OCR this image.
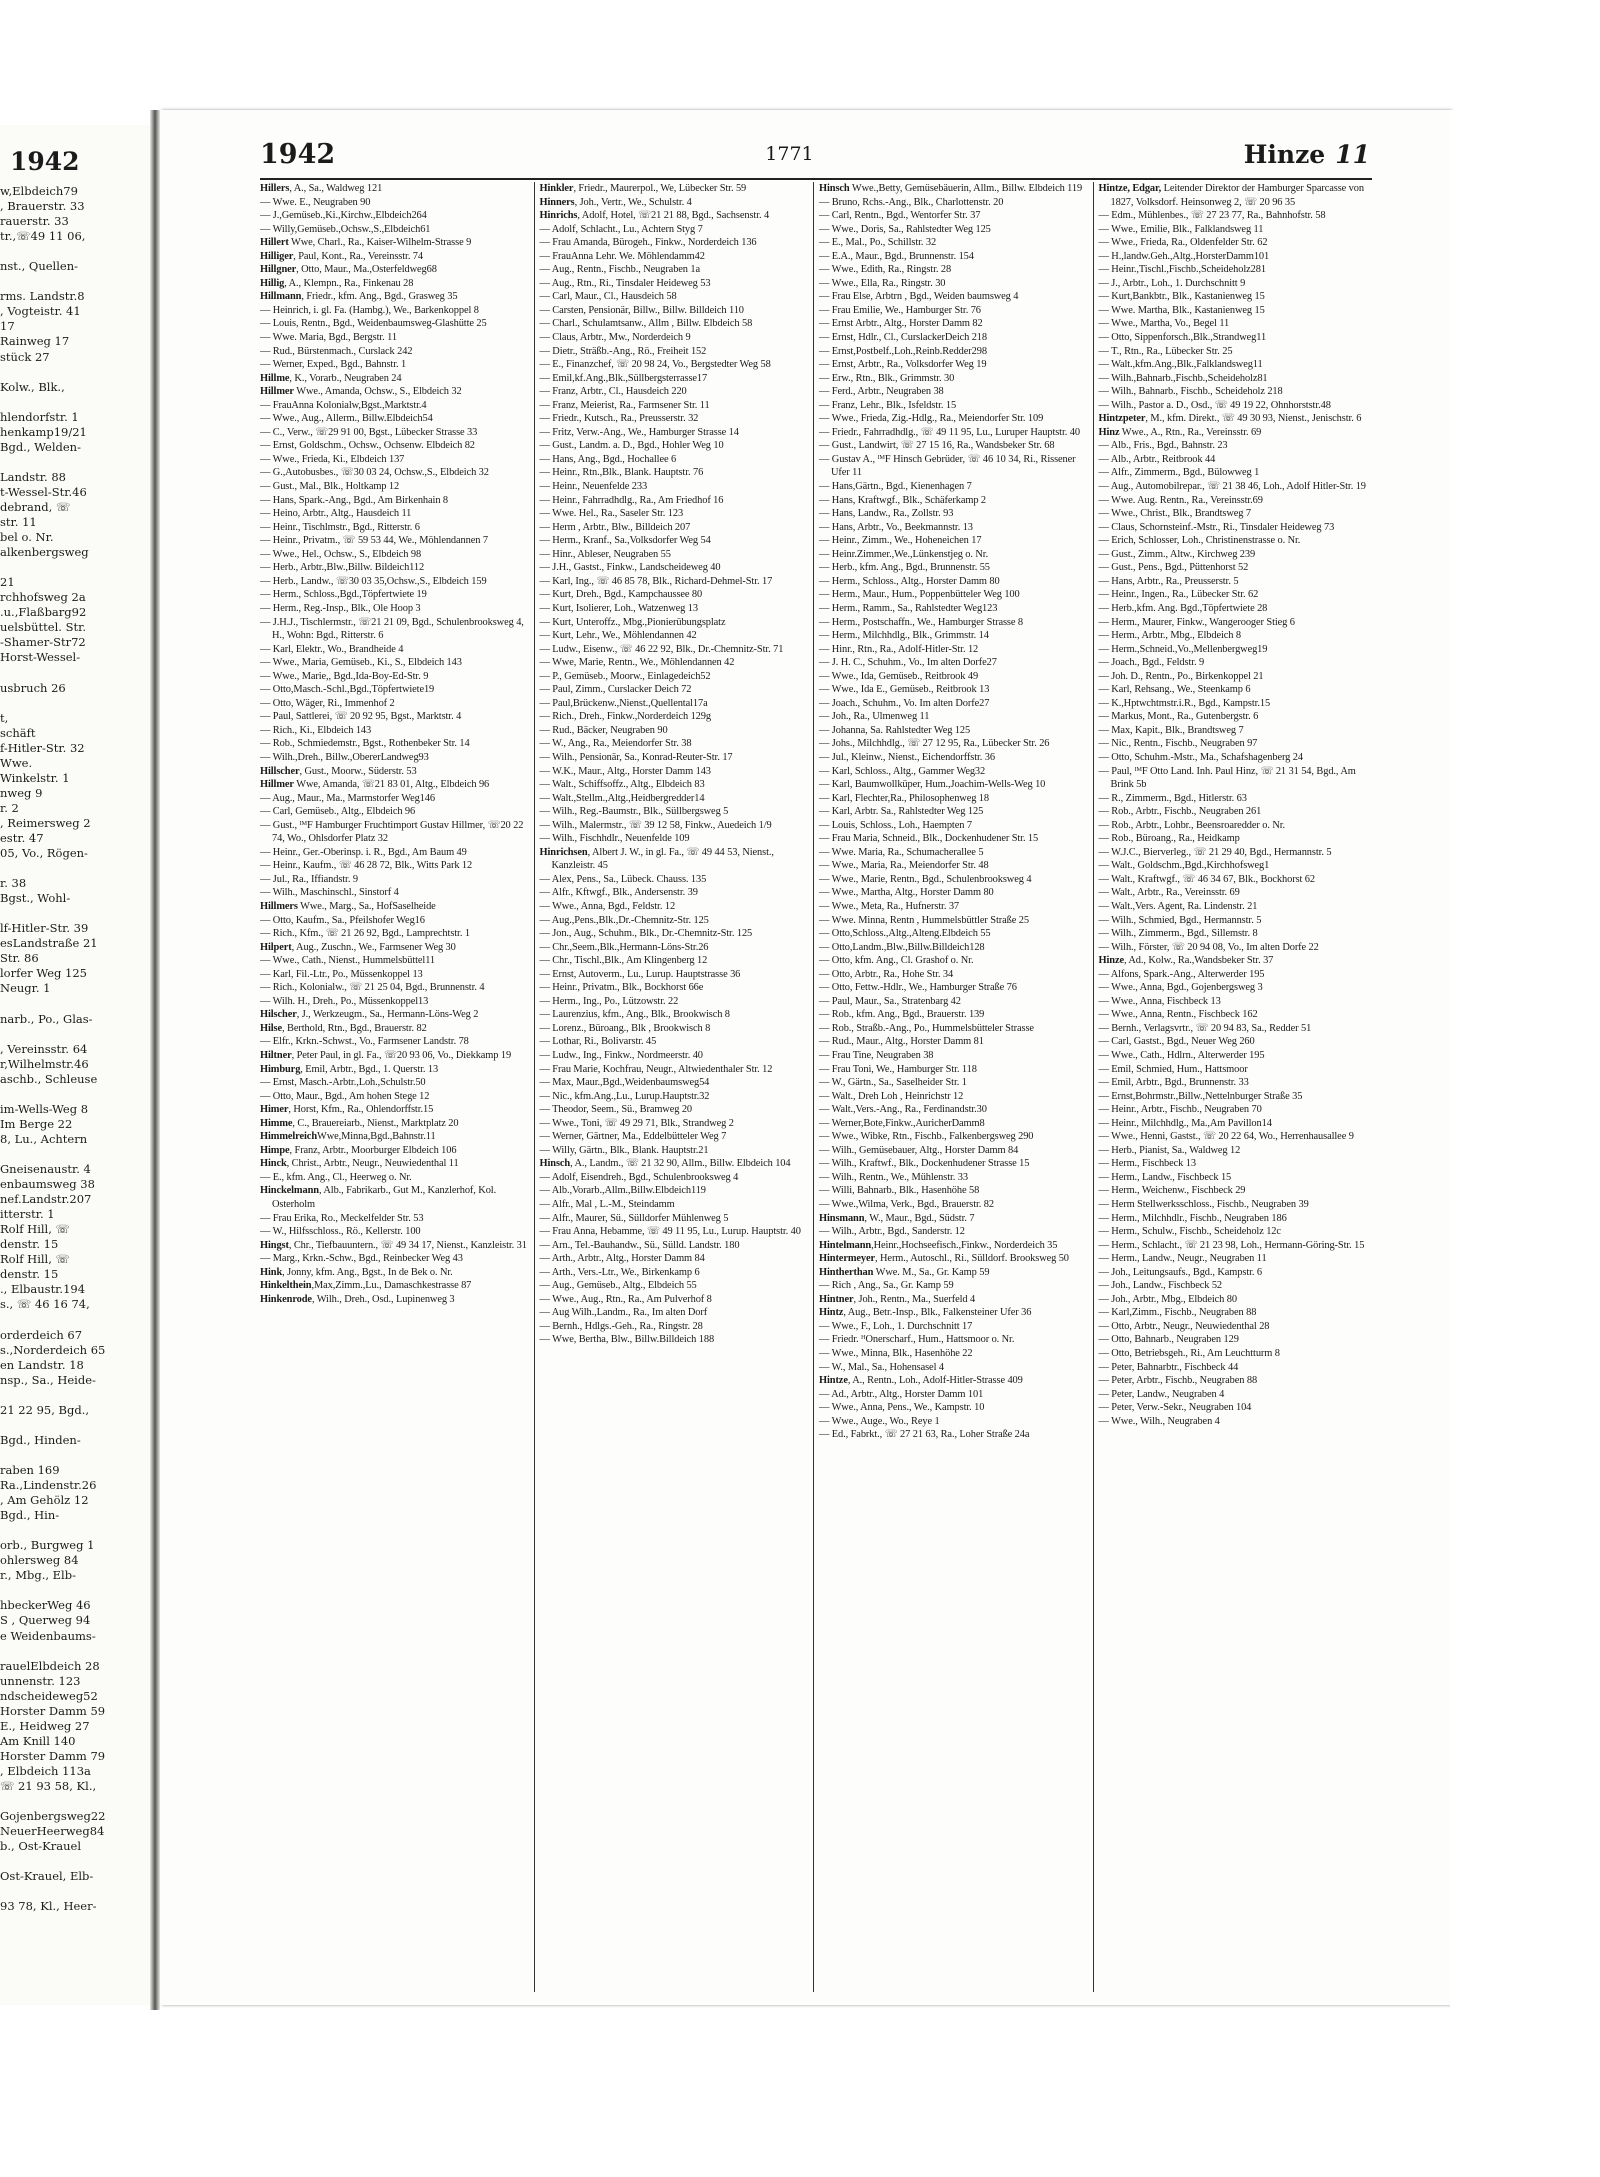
1942
w,Elbdeich79
, Brauerstr. 33
rauerstr. 33
tr.,☏49 11 06,

nst., Quellen-

rms. Landstr.8
, Vogteistr. 41
17
Rainweg 17
stück 27

Kolw., Blk.,

hlendorfstr. 1
henkamp19/21
Bgd., Welden-

Landstr. 88
t-Wessel-Str.46
debrand, ☏
str. 11
bel o. Nr.
alkenbergsweg

21
rchhofsweg 2a
.u.,Flaßbarg92
uelsbüttel. Str.
-Shamer-Str72
Horst-Wessel-

usbruch 26

t,
schäft
f-Hitler-Str. 32
Wwe.
Winkelstr. 1
nweg 9
r. 2
, Reimersweg 2
estr. 47
05, Vo., Rögen-

r. 38
Bgst., Wohl-

lf-Hitler-Str. 39
esLandstraße 21
Str. 86
lorfer Weg 125
Neugr. 1

narb., Po., Glas-

, Vereinsstr. 64
r,Wilhelmstr.46
aschb., Schleuse

im-Wells-Weg 8
Im Berge 22
8, Lu., Achtern

Gneisenaustr. 4
enbaumsweg 38
nef.Landstr.207
itterstr. 1
Rolf Hill, ☏
denstr. 15
Rolf Hill, ☏
denstr. 15
., Elbaustr.194
s., ☏ 46 16 74,

orderdeich 67
s.,Norderdeich 65
en Landstr. 18
nsp., Sa., Heide-

21 22 95, Bgd.,

Bgd., Hinden-

raben 169
Ra.,Lindenstr.26
, Am Gehölz 12
Bgd., Hin-

orb., Burgweg 1
ohlersweg 84
r., Mbg., Elb-

hbeckerWeg 46
S , Querweg 94
e Weidenbaums-

rauelElbdeich 28
unnenstr. 123
ndscheideweg52
Horster Damm 59
E., Heidweg 27
Am Knill 140
Horster Damm 79
, Elbdeich 113a
☏ 21 93 58, Kl.,

Gojenbergsweg22
NeuerHeerweg84
b., Ost-Krauel

Ost-Krauel, Elb-

93 78, Kl., Heer-
1942	1771	Hinze 11

Hillers, A., Sa., Waldweg 121

— Wwe. E., Neugraben 90

— J.,Gemüseb.,Ki.,Kirchw.,Elbdeich264

— Willy,Gemüseb.,Ochsw.,S.,Elbdeich61

Hillert Wwe, Charl., Ra., Kaiser-Wilhelm-Strasse 9

Hilliger, Paul, Kont., Ra., Vereinsstr. 74

Hillgner, Otto, Maur., Ma.,Osterfeldweg68

Hillig, A., Klempn., Ra., Finkenau 28

Hillmann, Friedr., kfm. Ang., Bgd., Grasweg 35

— Heinrich, i. gl. Fa. (Hambg.), We., Barkenkoppel 8

— Louis, Rentn., Bgd., Weidenbaumsweg-Glashütte 25

— Wwe. Maria, Bgd., Bergstr. 11

— Rud., Bürstenmach., Curslack 242

— Werner, Exped., Bgd., Bahnstr. 1

Hillme, K., Vorarb., Neugraben 24

Hillmer Wwe., Amanda, Ochsw., S., Elbdeich 32

— FrauAnna Kolonialw,Bgst.,Marktstr.4

— Wwe., Aug., Allerm., Billw.Elbdeich54

— C., Verw., ☏29 91 00, Bgst., Lübecker Strasse 33

— Ernst, Goldschm., Ochsw., Ochsenw. Elbdeich 82

— Wwe., Frieda, Ki., Elbdeich 137

— G.,Autobusbes., ☏30 03 24, Ochsw.,S., Elbdeich 32

— Gust., Mal., Blk., Holtkamp 12

— Hans, Spark.-Ang., Bgd., Am Birkenhain 8

— Heino, Arbtr., Altg., Hausdeich 11

— Heinr., Tischlmstr., Bgd., Ritterstr. 6

— Heinr., Privatm., ☏ 59 53 44, We., Möhlendannen 7

— Wwe., Hel., Ochsw., S., Elbdeich 98

— Herb., Arbtr.,Blw.,Billw. Bildeich112

— Herb., Landw., ☏30 03 35,Ochsw.,S., Elbdeich 159

— Herm., Schloss.,Bgd.,Töpfertwiete 19

— Herm., Reg.-Insp., Blk., Ole Hoop 3

— J.H.J., Tischlermstr., ☏21 21 09, Bgd., Schulenbrooksweg 4, H., Wohn: Bgd., Ritterstr. 6

— Karl, Elektr., Wo., Brandheide 4

— Wwe., Maria, Gemüseb., Ki., S., Elbdeich 143

— Wwe., Marie,, Bgd.,Ida-Boy-Ed-Str. 9

— Otto,Masch.-Schl.,Bgd.,Töpfertwiete19

— Otto, Wäger, Ri., Immenhof 2

— Paul, Sattlerei, ☏ 20 92 95, Bgst., Marktstr. 4

— Rich., Ki., Elbdeich 143

— Rob., Schmiedemstr., Bgst., Rothenbeker Str. 14

— Wilh.,Dreh., Billw.,ObererLandweg93

Hillscher, Gust., Moorw., Süderstr. 53

Hillmer Wwe, Amanda, ☏21 83 01, Altg., Elbdeich 96

— Aug., Maur., Ma., Marmstorfer Weg146

— Carl, Gemüseb., Altg., Elbdeich 96

— Gust., ᴵᴹF Hamburger Fruchtimport Gustav Hillmer, ☏20 22 74, Wo., Ohlsdorfer Platz 32

— Heinr., Ger.-Oberinsp. i. R., Bgd., Am Baum 49

— Heinr., Kaufm., ☏ 46 28 72, Blk., Witts Park 12

— Jul., Ra., Iffiandstr. 9

— Wilh., Maschinschl., Sinstorf 4

Hillmers Wwe., Marg., Sa., HofSaselheide

— Otto, Kaufm., Sa., Pfeilshofer Weg16

— Rich., Kfm., ☏ 21 26 92, Bgd., Lamprechtstr. 1

Hilpert, Aug., Zuschn., We., Farmsener Weg 30

— Wwe., Cath., Nienst., Hummelsbüttel11

— Karl, Fil.-Ltr., Po., Müssenkoppel 13

— Rich., Kolonialw., ☏ 21 25 04, Bgd., Brunnenstr. 4

— Wilh. H., Dreh., Po., Müssenkoppel13

Hilscher, J., Werkzeugm., Sa., Hermann-Löns-Weg 2

Hilse, Berthold, Rtn., Bgd., Brauerstr. 82

— Elfr., Krkn.-Schwst., Vo., Farmsener Landstr. 78

Hiltner, Peter Paul, in gl. Fa., ☏20 93 06, Vo., Diekkamp 19

Himburg, Emil, Arbtr., Bgd., 1. Querstr. 13

— Ernst, Masch.-Arbtr.,Loh.,Schulstr.50

— Otto, Maur., Bgd., Am hohen Stege 12

Himer, Horst, Kfm., Ra., Ohlendorffstr.15

Himme, C., Brauereiarb., Nienst., Marktplatz 20

HimmelreichWwe,Minna,Bgd.,Bahnstr.11

Himpe, Franz, Arbtr., Moorburger Elbdeich 106

Hinck, Christ., Arbtr., Neugr., Neuwiedenthal 11

— E., kfm. Ang., Cl., Heerweg o. Nr.

Hinckelmann, Alb., Fabrikarb., Gut M., Kanzlerhof, Kol. Osterholm

— Frau Erika, Ro., Meckelfelder Str. 53

— W., Hilfsschloss., Rö., Kellerstr. 100

Hingst, Chr., Tiefbauuntern., ☏ 49 34 17, Nienst., Kanzleistr. 31

— Marg., Krkn.-Schw., Bgd., Reinbecker Weg 43

Hink, Jonny, kfm. Ang., Bgst., In de Bek o. Nr.

Hinkelthein,Max,Zimm.,Lu., Damaschkestrasse 87

Hinkenrode, Wilh., Dreh., Osd., Lupinenweg 3

Hinkler, Friedr., Maurerpol., We, Lübecker Str. 59

Hinners, Joh., Vertr., We., Schulstr. 4

Hinrichs, Adolf, Hotel, ☏21 21 88, Bgd., Sachsenstr. 4

— Adolf, Schlacht., Lu., Achtern Styg 7

— Frau Amanda, Bürogeh., Finkw., Norderdeich 136

— FrauAnna Lehr. We. Möhlendamm42

— Aug., Rentn., Fischb., Neugraben 1a

— Aug., Rtn., Ri., Tinsdaler Heideweg 53

— Carl, Maur., Cl., Hausdeich 58

— Carsten, Pensionär, Billw., Billw. Billdeich 110

— Charl., Schulamtsanw., Allm , Billw. Elbdeich 58

— Claus, Arbtr., Mw., Norderdeich 9

— Dietr., Sträßb.-Ang., Rö., Freiheit 152

— E., Finanzchef, ☏ 20 98 24, Vo., Bergstedter Weg 58

— Emil,kf.Ang.,Blk.,Süllbergsterrasse17

— Franz, Arbtr., Cl., Hausdeich 220

— Franz, Meierist, Ra., Farmsener Str. 11

— Friedr., Kutsch., Ra., Preusserstr. 32

— Fritz, Verw.-Ang., We., Hamburger Strasse 14

— Gust., Landm. a. D., Bgd., Hohler Weg 10

— Hans, Ang., Bgd., Hochallee 6

— Heinr., Rtn.,Blk., Blank. Hauptstr. 76

— Heinr., Neuenfelde 233

— Heinr., Fahrradhdlg., Ra., Am Friedhof 16

— Wwe. Hel., Ra., Saseler Str. 123

— Herm , Arbtr., Blw., Billdeich 207

— Herm., Kranf., Sa.,Volksdorfer Weg 54

— Hinr., Ableser, Neugraben 55

— J.H., Gastst., Finkw., Landscheideweg 40

— Karl, Ing., ☏ 46 85 78, Blk., Richard-Dehmel-Str. 17

— Kurt, Dreh., Bgd., Kampchaussee 80

— Kurt, Isolierer, Loh., Watzenweg 13

— Kurt, Unteroffz., Mbg.,Pionierübungsplatz

— Kurt, Lehr., We., Möhlendannen 42

— Ludw., Eisenw., ☏ 46 22 92, Blk., Dr.-Chemnitz-Str. 71

— Wwe, Marie, Rentn., We., Möhlendannen 42

— P., Gemüseb., Moorw., Einlagedeich52

— Paul, Zimm., Curslacker Deich 72

— Paul,Brückenw.,Nienst.,Quellental17a

— Rich., Dreh., Finkw.,Norderdeich 129g

— Rud., Bäcker, Neugraben 90

— W., Ang., Ra., Meiendorfer Str. 38

— Wilh., Pensionär, Sa., Konrad-Reuter-Str. 17

— W.K., Maur., Altg., Horster Damm 143

— Walt., Schiffsoffz., Altg., Elbdeich 83

— Walt.,Stellm.,Altg.,Heidbergredder14

— Wilh., Reg.-Baumstr., Blk., Süllbergsweg 5

— Wilh., Malermstr., ☏ 39 12 58, Finkw., Auedeich 1/9

— Wilh., Fischhdlr., Neuenfelde 109

Hinrichsen, Albert J. W., in gl. Fa., ☏ 49 44 53, Nienst., Kanzleistr. 45

— Alex, Pens., Sa., Lübeck. Chauss. 135

— Alfr., Kftwgf., Blk., Andersenstr. 39

— Wwe., Anna, Bgd., Feldstr. 12

— Aug.,Pens.,Blk.,Dr.-Chemnitz-Str. 125

— Jon., Aug., Schuhm., Blk., Dr.-Chemnitz-Str. 125

— Chr.,Seem.,Blk.,Hermann-Löns-Str.26

— Chr., Tischl.,Blk., Am Klingenberg 12

— Ernst, Autoverm., Lu., Lurup. Hauptstrasse 36

— Heinr., Privatm., Blk., Bockhorst 66e

— Herm., Ing., Po., Lützowstr. 22

— Laurenzius, kfm., Ang., Blk., Brookwisch 8

— Lorenz., Büroang., Blk , Brookwisch 8

— Lothar, Ri., Bolivarstr. 45

— Ludw., Ing., Finkw., Nordmeerstr. 40

— Frau Marie, Kochfrau, Neugr., Altwiedenthaler Str. 12

— Max, Maur.,Bgd.,Weidenbaumsweg54

— Nic., kfm.Ang.,Lu., Lurup.Hauptstr.32

— Theodor, Seem., Sü., Bramweg 20

— Wwe., Toni, ☏ 49 29 71, Blk., Strandweg 2

— Werner, Gärtner, Ma., Eddelbütteler Weg 7

— Willy, Gärtn., Blk., Blank. Hauptstr.21

Hinsch, A., Landm., ☏ 21 32 90, Allm., Billw. Elbdeich 104

— Adolf, Eisendreh., Bgd., Schulenbrooksweg 4

— Alb.,Vorarb.,Allm.,Billw.Elbdeich119

— Alfr., Mal , L.-M., Steindamm

— Alfr., Maurer, Sü., Sülldorfer Mühlenweg 5

— Frau Anna, Hebamme, ☏ 49 11 95, Lu., Lurup. Hauptstr. 40

— Arn., Tel.-Bauhandw., Sü., Sülld. Landstr. 180

— Arth., Arbtr., Altg., Horster Damm 84

— Arth., Vers.-Ltr., We., Birkenkamp 6

— Aug., Gemüseb., Altg., Elbdeich 55

— Wwe., Aug., Rtn., Ra., Am Pulverhof 8

— Aug Wilh.,Landm., Ra., Im alten Dorf

— Bernh., Hdlgs.-Geh., Ra., Ringstr. 28

— Wwe, Bertha, Blw., Billw.Billdeich 188

Hinsch Wwe.,Betty, Gemüsebäuerin, Allm., Billw. Elbdeich 119

— Bruno, Rchs.-Ang., Blk., Charlottenstr. 20

— Carl, Rentn., Bgd., Wentorfer Str. 37

— Wwe., Doris, Sa., Rahlstedter Weg 125

— E., Mal., Po., Schillstr. 32

— E.A., Maur., Bgd., Brunnenstr. 154

— Wwe., Edith, Ra., Ringstr. 28

— Wwe., Ella, Ra., Ringstr. 30

— Frau Else, Arbtrn , Bgd., Weiden baumsweg 4

— Frau Emilie, We., Hamburger Str. 76

— Ernst Arbtr., Altg., Horster Damm 82

— Ernst, Hdlr., Cl., CurslackerDeich 218

— Ernst,Postbelf.,Loh.,Reinb.Redder298

— Ernst, Arbtr., Ra., Volksdorfer Weg 19

— Erw., Rtn., Blk., Grimmstr. 30

— Ferd., Arbtr., Neugraben 38

— Franz, Lehr., Blk., Isfeldstr. 15

— Wwe., Frieda, Zig.-Hdlg., Ra., Meiendorfer Str. 109

— Friedr., Fahrradhdlg., ☏ 49 11 95, Lu., Luruper Hauptstr. 40

— Gust., Landwirt, ☏ 27 15 16, Ra., Wandsbeker Str. 68

— Gustav A., ᴵᴹF Hinsch Gebrüder, ☏ 46 10 34, Ri., Rissener Ufer 11

— Hans,Gärtn., Bgd., Kienenhagen 7

— Hans, Kraftwgf., Blk., Schäferkamp 2

— Hans, Landw., Ra., Zollstr. 93

— Hans, Arbtr., Vo., Beekmannstr. 13

— Heinr., Zimm., We., Hoheneichen 17

— Heinr.Zimmer.,We.,Lünkenstjeg o. Nr.

— Herb., kfm. Ang., Bgd., Brunnenstr. 55

— Herm., Schloss., Altg., Horster Damm 80

— Herm., Maur., Hum., Poppenbütteler Weg 100

— Herm., Ramm., Sa., Rahlstedter Weg123

— Herm., Postschaffn., We., Hamburger Strasse 8

— Herm., Milchhdlg., Blk., Grimmstr. 14

— Hinr., Rtn., Ra., Adolf-Hitler-Str. 12

— J. H. C., Schuhm., Vo., Im alten Dorfe27

— Wwe., Ida, Gemüseb., Reitbrook 49

— Wwe., Ida E., Gemüseb., Reitbrook 13

— Joach., Schuhm., Vo. Im alten Dorfe27

— Joh., Ra., Ulmenweg 11

— Johanna, Sa. Rahlstedter Weg 125

— Johs., Milchhdlg., ☏ 27 12 95, Ra., Lübecker Str. 26

— Jul., Kleinw., Nienst., Eichendorffstr. 36

— Karl, Schloss., Altg., Gammer Weg32

— Karl, Baumwollküper, Hum.,Joachim-Wells-Weg 10

— Karl, Flechter,Ra., Philosophenweg 18

— Karl, Arbtr. Sa., Rahlstedter Weg 125

— Louis, Schloss., Loh., Haempten 7

— Frau Maria, Schneid., Blk., Dockenhudener Str. 15

— Wwe. Maria, Ra., Schumacherallee 5

— Wwe., Maria, Ra., Meiendorfer Str. 48

— Wwe., Marie, Rentn., Bgd., Schulenbrooksweg 4

— Wwe., Martha, Altg., Horster Damm 80

— Wwe., Meta, Ra., Hufnerstr. 37

— Wwe. Minna, Rentn , Hummelsbüttler Straße 25

— Otto,Schloss.,Altg.,Alteng.Elbdeich 55

— Otto,Landm.,Blw.,Billw.Billdeich128

— Otto, kfm. Ang., Cl. Grashof o. Nr.

— Otto, Arbtr., Ra., Hohe Str. 34

— Otto, Fettw.-Hdlr., We., Hamburger Straße 76

— Paul, Maur., Sa., Stratenbarg 42

— Rob., kfm. Ang., Bgd., Brauerstr. 139

— Rob., Straßb.-Ang., Po., Hummelsbütteler Strasse

— Rud., Maur., Altg., Horster Damm 81

— Frau Tine, Neugraben 38

— Frau Toni, We., Hamburger Str. 118

— W., Gärtn., Sa., Saselheider Str. 1

— Walt., Dreh Loh , Heinrichstr 12

— Walt.,Vers.-Ang., Ra., Ferdinandstr.30

— Werner,Bote,Finkw.,AuricherDamm8

— Wwe., Wibke, Rtn., Fischb., Falkenbergsweg 290

— Wilh., Gemüsebauer, Altg., Horster Damm 84

— Wilh., Kraftwf., Blk., Dockenhudener Strasse 15

— Wilh., Rentn., We., Mühlenstr. 33

— Willi, Bahnarb., Blk., Hasenhöhe 58

— Wwe.,Wilma, Verk., Bgd., Brauerstr. 82

Hinsmann, W., Maur., Bgd., Südstr. 7

— Wilh., Arbtr., Bgd., Sanderstr. 12

Hintelmann,Heinr.,Hochseefisch.,Finkw., Norderdeich 35

Hintermeyer, Herm., Autoschl., Ri., Sülldorf. Brooksweg 50

Hintherthan Wwe. M., Sa., Gr. Kamp 59

— Rich , Ang., Sa., Gr. Kamp 59

Hintner, Joh., Rentn., Ma., Suerfeld 4

Hintz, Aug., Betr.-Insp., Blk., Falkensteiner Ufer 36

— Wwe., F., Loh., 1. Durchschnitt 17

— Friedr. ᴴOnerscharf., Hum., Hattsmoor o. Nr.

— Wwe., Minna, Blk., Hasenhöhe 22

— W., Mal., Sa., Hohensasel 4

Hintze, A., Rentn., Loh., Adolf-Hitler-Strasse 409

— Ad., Arbtr., Altg., Horster Damm 101

— Wwe., Anna, Pens., We., Kampstr. 10

— Wwe., Auge., Wo., Reye 1

— Ed., Fabrkt., ☏ 27 21 63, Ra., Loher Straße 24a

Hintze, Edgar, Leitender Direktor der Hamburger Sparcasse von 1827, Volksdorf. Heinsonweg 2, ☏ 20 96 35

— Edm., Mühlenbes., ☏ 27 23 77, Ra., Bahnhofstr. 58

— Wwe., Emilie, Blk., Falklandsweg 11

— Wwe., Frieda, Ra., Oldenfelder Str. 62

— H.,landw.Geh.,Altg.,HorsterDamm101

— Heinr.,Tischl.,Fischb.,Scheideholz281

— J., Arbtr., Loh., 1. Durchschnitt 9

— Kurt,Bankbtr., Blk., Kastanienweg 15

— Wwe. Martha, Blk., Kastanienweg 15

— Wwe., Martha, Vo., Begel 11

— Otto, Sippenforsch.,Blk.,Strandweg11

— T., Rtn., Ra., Lübecker Str. 25

— Walt.,kfm.Ang.,Blk.,Falklandsweg11

— Wilh.,Bahnarb.,Fischb.,Scheideholz81

— Wilh., Bahnarb., Fischb., Scheideholz 218

— Wilh., Pastor a. D., Osd., ☏ 49 19 22, Ohnhorststr.48

Hintzpeter, M., kfm. Direkt., ☏ 49 30 93, Nienst., Jenischstr. 6

Hinz Wwe., A., Rtn., Ra., Vereinsstr. 69

— Alb., Fris., Bgd., Bahnstr. 23

— Alb., Arbtr., Reitbrook 44

— Alfr., Zimmerm., Bgd., Bülowweg 1

— Aug., Automobilrepar., ☏ 21 38 46, Loh., Adolf Hitler-Str. 19

— Wwe. Aug. Rentn., Ra., Vereinsstr.69

— Wwe., Christ., Blk., Brandtsweg 7

— Claus, Schornsteinf.-Mstr., Ri., Tinsdaler Heideweg 73

— Erich, Schlosser, Loh., Christinenstrasse o. Nr.

— Gust., Zimm., Altw., Kirchweg 239

— Gust., Pens., Bgd., Püttenhorst 52

— Hans, Arbtr., Ra., Preusserstr. 5

— Heinr., Ingen., Ra., Lübecker Str. 62

— Herb.,kfm. Ang. Bgd.,Töpfertwiete 28

— Herm., Maurer, Finkw., Wangerooger Stieg 6

— Herm., Arbtr., Mbg., Elbdeich 8

— Herm.,Schneid.,Vo.,Mellenbergweg19

— Joach., Bgd., Feldstr. 9

— Joh. D., Rentn., Po., Birkenkoppel 21

— Karl, Rehsang., We., Steenkamp 6

— K.,Hptwchtmstr.i.R., Bgd., Kampstr.15

— Markus, Mont., Ra., Gutenbergstr. 6

— Max, Kapit., Blk., Brandtsweg 7

— Nic., Rentn., Fischb., Neugraben 97

— Otto, Schuhm.-Mstr., Ma., Schafshagenberg 24

— Paul, ᴵᴹF Otto Land. Inh. Paul Hinz, ☏ 21 31 54, Bgd., Am Brink 5b

— R., Zimmerm., Bgd., Hitlerstr. 63

— Rob., Arbtr., Fischb., Neugraben 261

— Rob., Arbtr., Lohbr., Beensroaredder o. Nr.

— Rob., Büroang., Ra., Heidkamp

— W.J.C., Bierverleg., ☏ 21 29 40, Bgd., Hermannstr. 5

— Walt., Goldschm.,Bgd.,Kirchhofsweg1

— Walt., Kraftwgf., ☏ 46 34 67, Blk., Bockhorst 62

— Walt., Arbtr., Ra., Vereinsstr. 69

— Walt.,Vers. Agent, Ra. Lindenstr. 21

— Wilh., Schmied, Bgd., Hermannstr. 5

— Wilh., Zimmerm., Bgd., Sillemstr. 8

— Wilh., Förster, ☏ 20 94 08, Vo., Im alten Dorfe 22

Hinze, Ad., Kolw., Ra.,Wandsbeker Str. 37

— Alfons, Spark.-Ang., Alterwerder 195

— Wwe., Anna, Bgd., Gojenbergsweg 3

— Wwe., Anna, Fischbeck 13

— Wwe., Anna, Rentn., Fischbeck 162

— Bernh., Verlagsvrtr., ☏ 20 94 83, Sa., Redder 51

— Carl, Gastst., Bgd., Neuer Weg 260

— Wwe., Cath., Hdlrn., Alterwerder 195

— Emil, Schmied, Hum., Hattsmoor

— Emil, Arbtr., Bgd., Brunnenstr. 33

— Ernst,Bohrmstr.,Billw.,Nettelnburger Straße 35

— Heinr., Arbtr., Fischb., Neugraben 70

— Heinr., Milchhdlg., Ma.,Am Pavillon14

— Wwe., Henni, Gastst., ☏ 20 22 64, Wo., Herrenhausallee 9

— Herb., Pianist, Sa., Waldweg 12

— Herm., Fischbeck 13

— Herm., Landw., Fischbeck 15

— Herm., Weichenw., Fischbeck 29

— Herm Stellwerksschloss., Fischb., Neugraben 39

— Herm., Milchhdlr., Fischb., Neugraben 186

— Herm., Schulw., Fischb., Scheideholz 12c

— Herm., Schlacht., ☏ 21 23 98, Loh., Hermann-Göring-Str. 15

— Herm., Landw., Neugr., Neugraben 11

— Joh., Leitungsaufs., Bgd., Kampstr. 6

— Joh., Landw., Fischbeck 52

— Joh., Arbtr., Mbg., Elbdeich 80

— Karl,Zimm., Fischb., Neugraben 88

— Otto, Arbtr., Neugr., Neuwiedenthal 28

— Otto, Bahnarb., Neugraben 129

— Otto, Betriebsgeh., Ri., Am Leuchtturm 8

— Peter, Bahnarbtr., Fischbeck 44

— Peter, Arbtr., Fischb., Neugraben 88

— Peter, Landw., Neugraben 4

— Peter, Verw.-Sekr., Neugraben 104

— Wwe., Wilh., Neugraben 4
